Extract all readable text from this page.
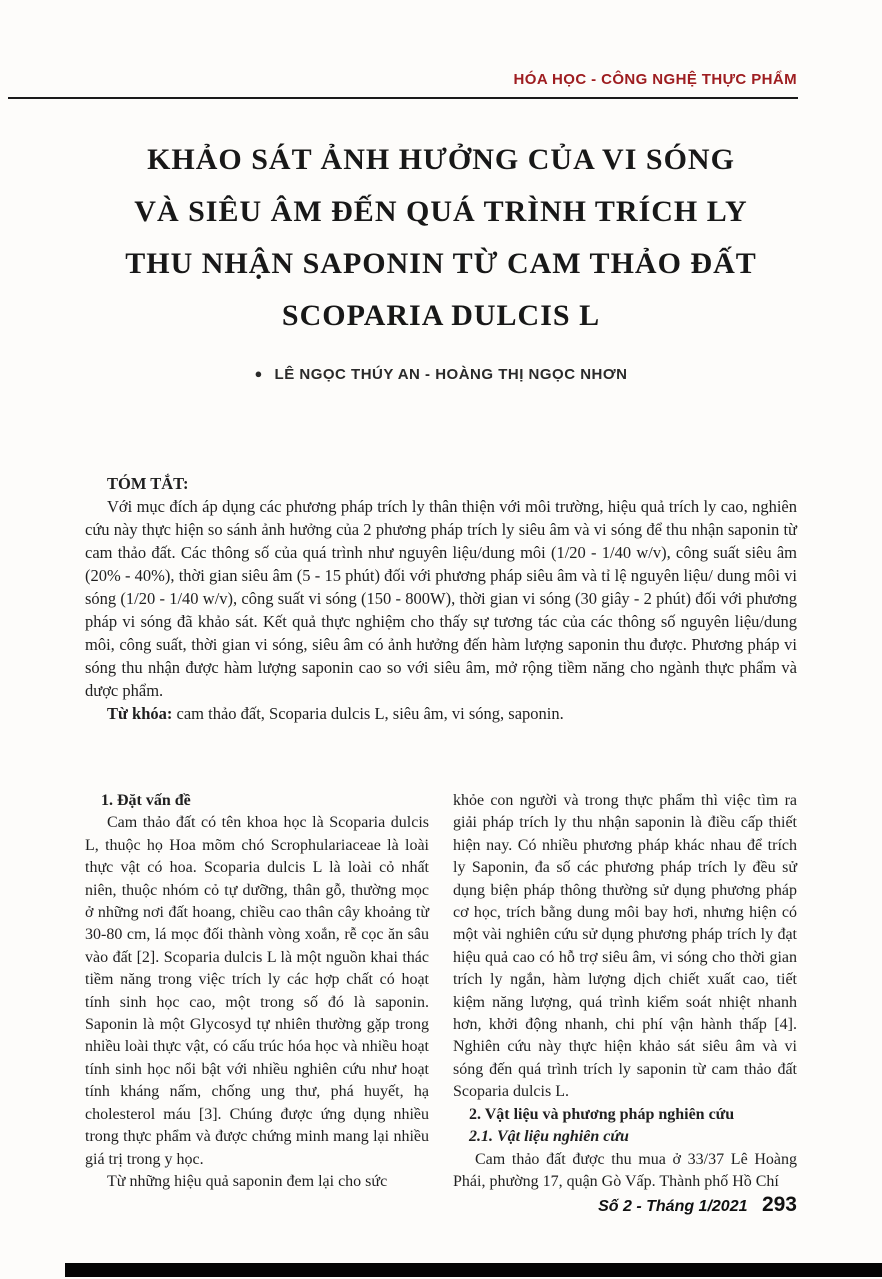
HÓA HỌC - CÔNG NGHỆ THỰC PHẨM
KHẢO SÁT ẢNH HƯỞNG CỦA VI SÓNG
VÀ SIÊU ÂM ĐẾN QUÁ TRÌNH TRÍCH LY
THU NHẬN SAPONIN TỪ CAM THẢO ĐẤT
SCOPARIA DULCIS L
● LÊ NGỌC THÚY AN - HOÀNG THỊ NGỌC NHƠN

TÓM TẮT:

Với mục đích áp dụng các phương pháp trích ly thân thiện với môi trường, hiệu quả trích ly cao, nghiên cứu này thực hiện so sánh ảnh hưởng của 2 phương pháp trích ly siêu âm và vi sóng để thu nhận saponin từ cam thảo đất. Các thông số của quá trình như nguyên liệu/dung môi (1/20 - 1/40 w/v), công suất siêu âm (20% - 40%), thời gian siêu âm (5 - 15 phút) đối với phương pháp siêu âm và tỉ lệ nguyên liệu/ dung môi vi sóng (1/20 - 1/40 w/v), công suất vi sóng (150 - 800W), thời gian vi sóng (30 giây - 2 phút) đối với phương pháp vi sóng đã khảo sát. Kết quả thực nghiệm cho thấy sự tương tác của các thông số nguyên liệu/dung môi, công suất, thời gian vi sóng, siêu âm có ảnh hưởng đến hàm lượng saponin thu được. Phương pháp vi sóng thu nhận được hàm lượng saponin cao so với siêu âm, mở rộng tiềm năng cho ngành thực phẩm và dược phẩm.

Từ khóa: cam thảo đất, Scoparia dulcis L, siêu âm, vi sóng, saponin.

1. Đặt vấn đề

Cam thảo đất có tên khoa học là Scoparia dulcis L, thuộc họ Hoa mõm chó Scrophulariaceae là loài thực vật có hoa. Scoparia dulcis L là loài cỏ nhất niên, thuộc nhóm cỏ tự dưỡng, thân gỗ, thường mọc ở những nơi đất hoang, chiều cao thân cây khoảng từ 30-80 cm, lá mọc đối thành vòng xoắn, rễ cọc ăn sâu vào đất [2]. Scoparia dulcis L là một nguồn khai thác tiềm năng trong việc trích ly các hợp chất có hoạt tính sinh học cao, một trong số đó là saponin. Saponin là một Glycosyd tự nhiên thường gặp trong nhiều loài thực vật, có cấu trúc hóa học và nhiều hoạt tính sinh học nổi bật với nhiều nghiên cứu như hoạt tính kháng nấm, chống ung thư, phá huyết, hạ cholesterol máu [3]. Chúng được ứng dụng nhiều trong thực phẩm và được chứng minh mang lại nhiều giá trị trong y học.

Từ những hiệu quả saponin đem lại cho sức

khỏe con người và trong thực phẩm thì việc tìm ra giải pháp trích ly thu nhận saponin là điều cấp thiết hiện nay. Có nhiều phương pháp khác nhau để trích ly Saponin, đa số các phương pháp trích ly đều sử dụng biện pháp thông thường sử dụng phương pháp cơ học, trích bằng dung môi bay hơi, nhưng hiện có một vài nghiên cứu sử dụng phương pháp trích ly đạt hiệu quả cao có hỗ trợ siêu âm, vi sóng cho thời gian trích ly ngắn, hàm lượng dịch chiết xuất cao, tiết kiệm năng lượng, quá trình kiểm soát nhiệt nhanh hơn, khởi động nhanh, chi phí vận hành thấp [4]. Nghiên cứu này thực hiện khảo sát siêu âm và vi sóng đến quá trình trích ly saponin từ cam thảo đất Scoparia dulcis L.

2. Vật liệu và phương pháp nghiên cứu
2.1. Vật liệu nghiên cứu

Cam thảo đất được thu mua ở 33/37 Lê Hoàng Phái, phường 17, quận Gò Vấp. Thành phố Hồ Chí

Số 2 - Tháng 1/2021 293
